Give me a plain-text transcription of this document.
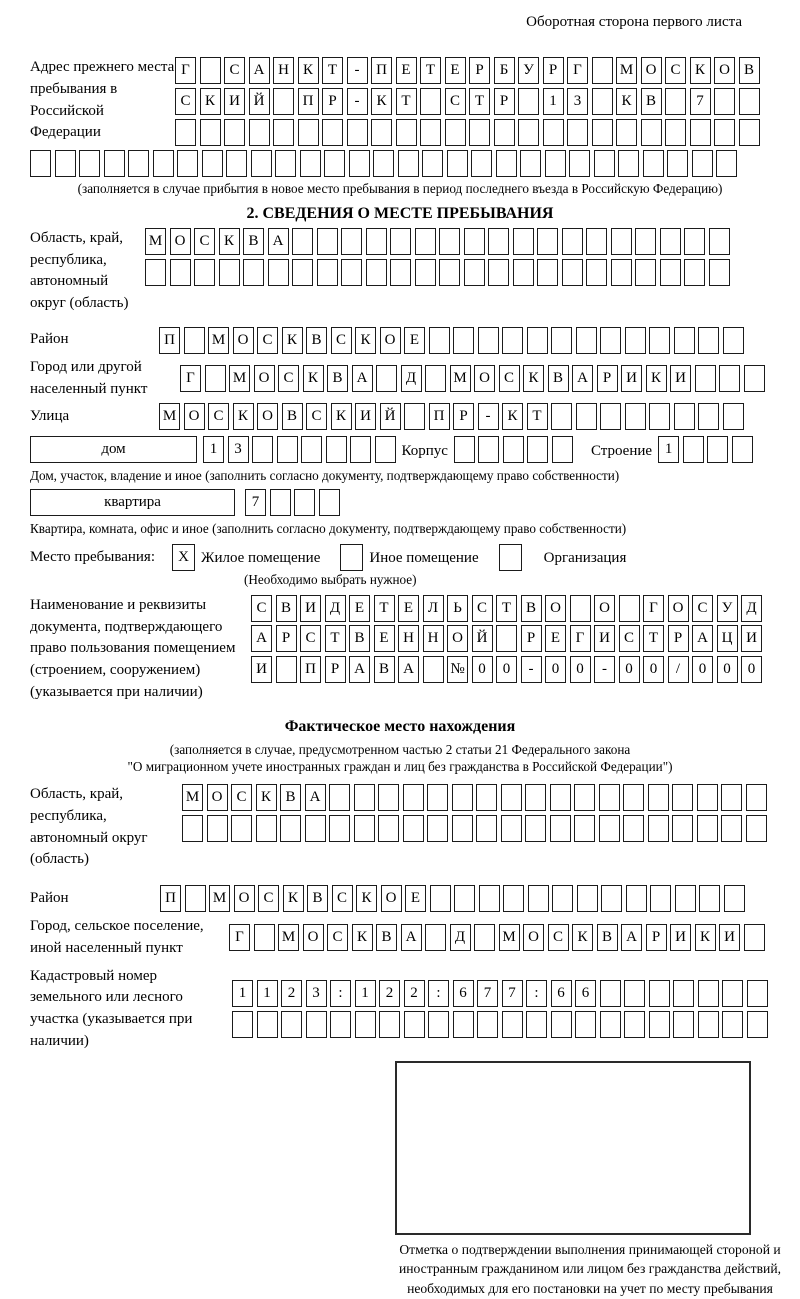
Оборотная сторона первого листа
Адрес прежнего места пребывания в Российской Федерации
Г	С А Н К Т	-	П Е	Т	Е	Р	Б У	Р	Г	М О С К О В
С К И Й	П Р	-	К Т	С Т	Р	1	3	К В	7
(заполняется в случае прибытия в новое место пребывания в период последнего въезда в Российскую Федерацию)
2. СВЕДЕНИЯ О МЕСТЕ ПРЕБЫВАНИЯ
Область, край, республика, автономный округ (область)
М О С К В А
Район	П	М О С К В С К О Е
Город или другой населенный пункт
Г	М О С К В А	Д	М О С К В А Р И К И
Улица	М О С К О В С К И Й	П Р	-	К Т
дом	1	3	Корпус	Строение 1
Дом, участок, владение и иное (заполнить согласно документу, подтверждающему право собственности)
квартира	7
Квартира, комната, офис и иное (заполнить согласно документу, подтверждающему право собственности)
Место пребывания:	X Жилое помещение	Иное помещение	Организация
(Необходимо выбрать нужное)
Наименование и реквизиты документа, подтверждающего право пользования помещением (строением, сооружением) (указывается при наличии)
С В И Д Е	Т	Е Л	Ь	С Т В О	О	Г О С У Д
А Р	С Т В Е Н Н О Й	Р	Е	Г И С Т	Р А Ц И
И	П Р А В А	№ 0	0	-	0	0	-	0	0	/	0	0	0
Фактическое место нахождения
(заполняется в случае, предусмотренном частью 2 статьи 21 Федерального закона
"О миграционном учете иностранных граждан и лиц без гражданства в Российской Федерации")
Область, край, республика, автономный округ (область)
М О С К В А
Район	П	М О С К В С К О Е
Город, сельское поселение, иной населенный пункт
Г	М О С К В А	Д	М О С К В А Р И К И
Кадастровый номер земельного или лесного участка (указывается при наличии)
1	1	2	3	:	1	2	2	:	6	7	7	:	6	6
Отметка о подтверждении выполнения принимающей стороной и иностранным гражданином или лицом без гражданства действий, необходимых для его постановки на учет по месту пребывания
